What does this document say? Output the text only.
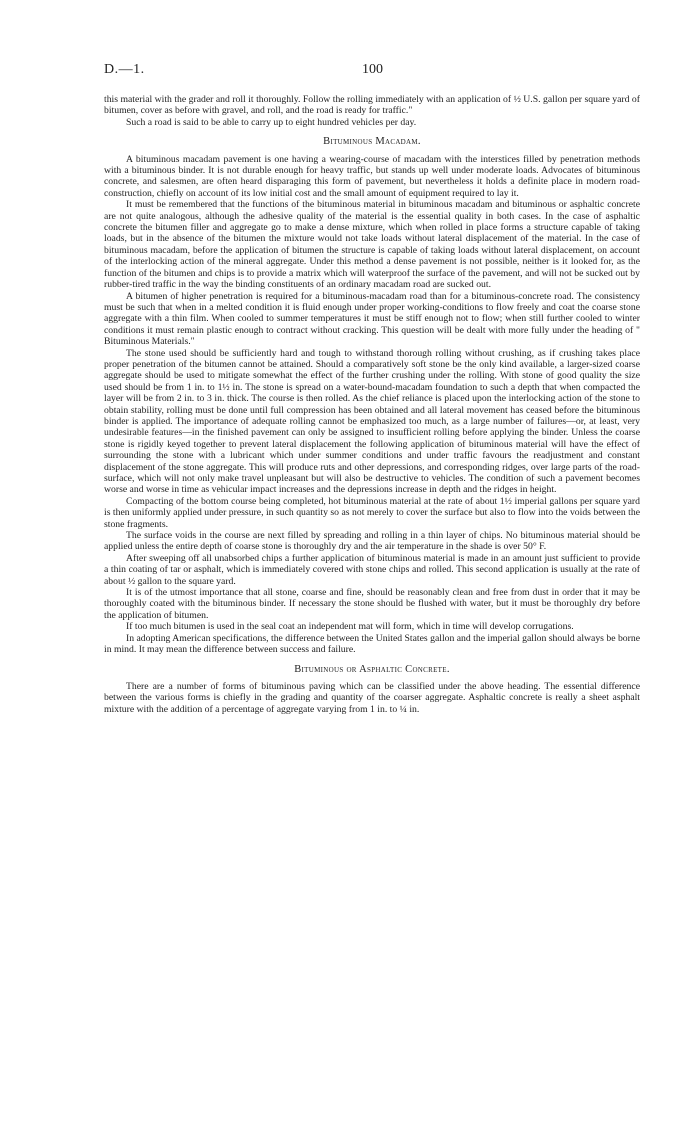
D.—1.	100

this material with the grader and roll it thoroughly. Follow the rolling immediately with an application of ½ U.S. gallon per square yard of bitumen, cover as before with gravel, and roll, and the road is ready for traffic."

Such a road is said to be able to carry up to eight hundred vehicles per day.

Bituminous Macadam.

A bituminous macadam pavement is one having a wearing-course of macadam with the interstices filled by penetration methods with a bituminous binder. It is not durable enough for heavy traffic, but stands up well under moderate loads. Advocates of bituminous concrete, and salesmen, are often heard disparaging this form of pavement, but nevertheless it holds a definite place in modern road-construction, chiefly on account of its low initial cost and the small amount of equipment required to lay it.

It must be remembered that the functions of the bituminous material in bituminous macadam and bituminous or asphaltic concrete are not quite analogous, although the adhesive quality of the material is the essential quality in both cases. In the case of asphaltic concrete the bitumen filler and aggregate go to make a dense mixture, which when rolled in place forms a structure capable of taking loads, but in the absence of the bitumen the mixture would not take loads without lateral displacement of the material. In the case of bituminous macadam, before the application of bitumen the structure is capable of taking loads without lateral displacement, on account of the interlocking action of the mineral aggregate. Under this method a dense pavement is not possible, neither is it looked for, as the function of the bitumen and chips is to provide a matrix which will waterproof the surface of the pavement, and will not be sucked out by rubber-tired traffic in the way the binding constituents of an ordinary macadam road are sucked out.

A bitumen of higher penetration is required for a bituminous-macadam road than for a bituminous-concrete road. The consistency must be such that when in a melted condition it is fluid enough under proper working-conditions to flow freely and coat the coarse stone aggregate with a thin film. When cooled to summer temperatures it must be stiff enough not to flow; when still further cooled to winter conditions it must remain plastic enough to contract without cracking. This question will be dealt with more fully under the heading of " Bituminous Materials."

The stone used should be sufficiently hard and tough to withstand thorough rolling without crushing, as if crushing takes place proper penetration of the bitumen cannot be attained. Should a comparatively soft stone be the only kind available, a larger-sized coarse aggregate should be used to mitigate somewhat the effect of the further crushing under the rolling. With stone of good quality the size used should be from 1 in. to 1½ in. The stone is spread on a water-bound-macadam foundation to such a depth that when compacted the layer will be from 2 in. to 3 in. thick. The course is then rolled. As the chief reliance is placed upon the interlocking action of the stone to obtain stability, rolling must be done until full compression has been obtained and all lateral movement has ceased before the bituminous binder is applied. The importance of adequate rolling cannot be emphasized too much, as a large number of failures—or, at least, very undesirable features—in the finished pavement can only be assigned to insufficient rolling before applying the binder. Unless the coarse stone is rigidly keyed together to prevent lateral displacement the following application of bituminous material will have the effect of surrounding the stone with a lubricant which under summer conditions and under traffic favours the readjustment and constant displacement of the stone aggregate. This will produce ruts and other depressions, and corresponding ridges, over large parts of the road-surface, which will not only make travel unpleasant but will also be destructive to vehicles. The condition of such a pavement becomes worse and worse in time as vehicular impact increases and the depressions increase in depth and the ridges in height.

Compacting of the bottom course being completed, hot bituminous material at the rate of about 1½ imperial gallons per square yard is then uniformly applied under pressure, in such quantity so as not merely to cover the surface but also to flow into the voids between the stone fragments.

The surface voids in the course are next filled by spreading and rolling in a thin layer of chips. No bituminous material should be applied unless the entire depth of coarse stone is thoroughly dry and the air temperature in the shade is over 50° F.

After sweeping off all unabsorbed chips a further application of bituminous material is made in an amount just sufficient to provide a thin coating of tar or asphalt, which is immediately covered with stone chips and rolled. This second application is usually at the rate of about ½ gallon to the square yard.

It is of the utmost importance that all stone, coarse and fine, should be reasonably clean and free from dust in order that it may be thoroughly coated with the bituminous binder. If necessary the stone should be flushed with water, but it must be thoroughly dry before the application of bitumen.

If too much bitumen is used in the seal coat an independent mat will form, which in time will develop corrugations.

In adopting American specifications, the difference between the United States gallon and the imperial gallon should always be borne in mind. It may mean the difference between success and failure.

Bituminous or Asphaltic Concrete.

There are a number of forms of bituminous paving which can be classified under the above heading. The essential difference between the various forms is chiefly in the grading and quantity of the coarser aggregate. Asphaltic concrete is really a sheet asphalt mixture with the addition of a percentage of aggregate varying from 1 in. to ¼ in.
